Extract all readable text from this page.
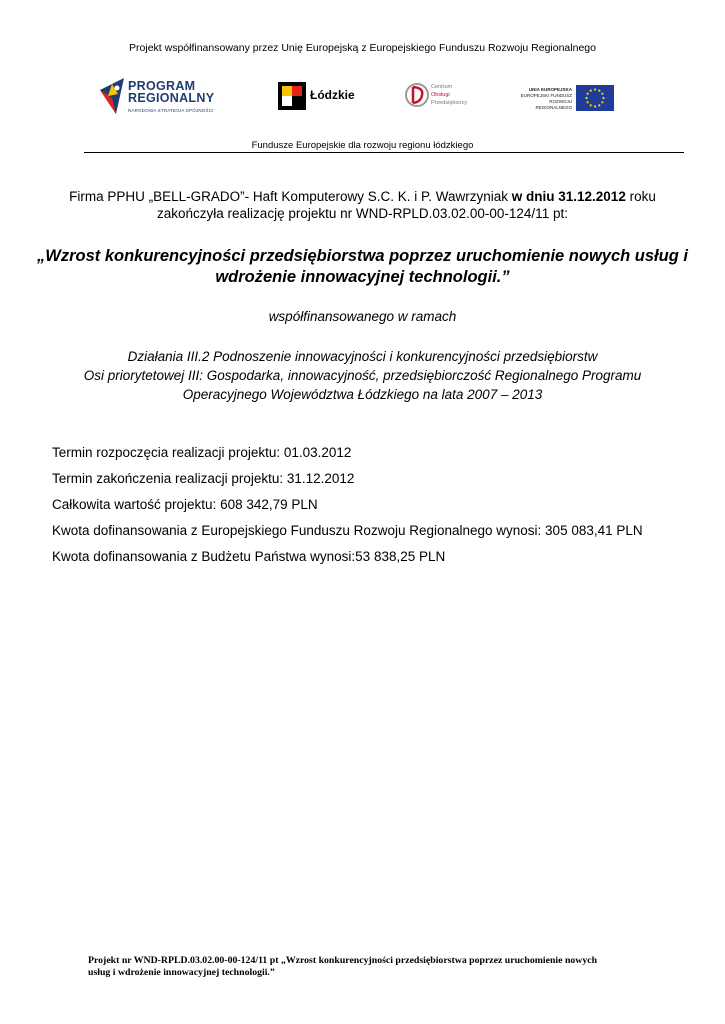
Projekt współfinansowany przez Unię Europejską z Europejskiego Funduszu Rozwoju Regionalnego
PROGRAM
REGIONALNY
NARODOWA STRATEGIA SPÓJNOŚCI
Łódzkie
Centrum
Obsługi
Przedsiębiorcy
UNIA EUROPEJSKA
EUROPEJSKI FUNDUSZ
ROZWOJU REGIONALNEGO
Fundusze Europejskie dla rozwoju regionu łódzkiego
Firma PPHU „BELL-GRADO”- Haft Komputerowy S.C. K. i P. Wawrzyniak w dniu 31.12.2012 roku
zakończyła realizację projektu nr WND-RPLD.03.02.00-00-124/11 pt:
„Wzrost konkurencyjności przedsiębiorstwa poprzez uruchomienie nowych usług i
wdrożenie innowacyjnej technologii.”
współfinansowanego w ramach
Działania III.2 Podnoszenie innowacyjności i konkurencyjności przedsiębiorstw
Osi priorytetowej III: Gospodarka, innowacyjność, przedsiębiorczość Regionalnego Programu
Operacyjnego Województwa Łódzkiego na lata 2007 – 2013
Termin rozpoczęcia realizacji projektu: 01.03.2012
Termin zakończenia realizacji projektu: 31.12.2012
Całkowita wartość projektu: 608 342,79 PLN
Kwota dofinansowania z Europejskiego Funduszu Rozwoju Regionalnego wynosi: 305 083,41 PLN
Kwota dofinansowania z Budżetu Państwa wynosi:53 838,25 PLN
Projekt nr WND-RPLD.03.02.00-00-124/11 pt „Wzrost konkurencyjności przedsiębiorstwa poprzez uruchomienie nowych
usług i wdrożenie innowacyjnej technologii.”
